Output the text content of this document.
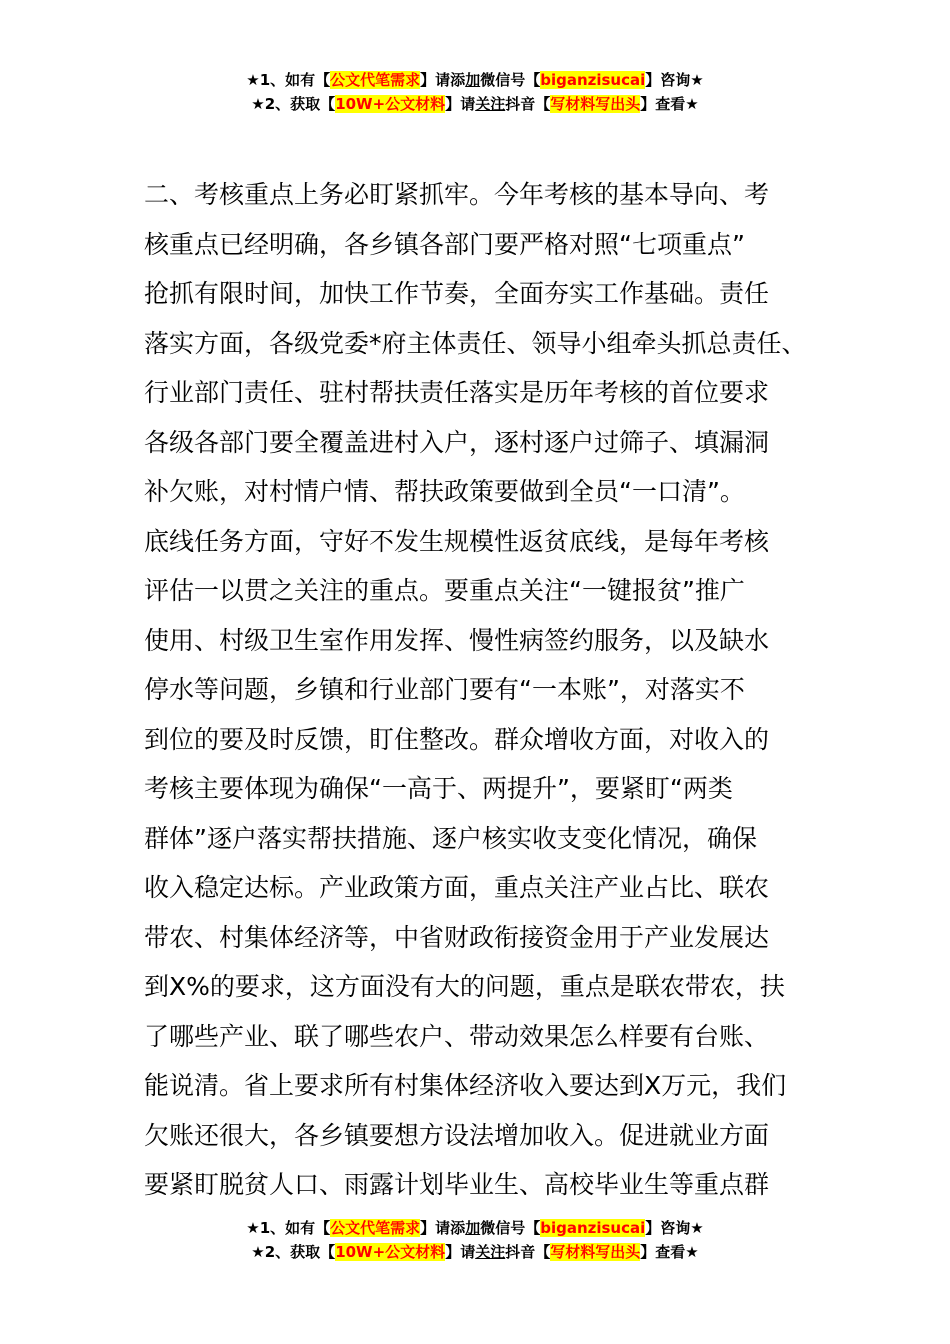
★1、如有【公文代笔需求】请添加微信号【biganzisucai】咨询★
★2、获取【10W+公文材料】请关注抖音【写材料写出头】查看★
二、考核重点上务必盯紧抓牢。今年考核的基本导向、考
核重点已经明确，各乡镇各部门要严格对照“七项重点”
抢抓有限时间，加快工作节奏，全面夯实工作基础。责任
落实方面，各级党委*府主体责任、领导小组牵头抓总责任、
行业部门责任、驻村帮扶责任落实是历年考核的首位要求
各级各部门要全覆盖进村入户，逐村逐户过筛子、填漏洞
补欠账，对村情户情、帮扶政策要做到全员“一口清”。
底线任务方面，守好不发生规模性返贫底线，是每年考核
评估一以贯之关注的重点。要重点关注“一键报贫”推广
使用、村级卫生室作用发挥、慢性病签约服务，以及缺水
停水等问题，乡镇和行业部门要有“一本账”，对落实不
到位的要及时反馈，盯住整改。群众增收方面，对收入的
考核主要体现为确保“一高于、两提升”，要紧盯“两类
群体”逐户落实帮扶措施、逐户核实收支变化情况，确保
收入稳定达标。产业政策方面，重点关注产业占比、联农
带农、村集体经济等，中省财政衔接资金用于产业发展达
到X%的要求，这方面没有大的问题，重点是联农带农，扶
了哪些产业、联了哪些农户、带动效果怎么样要有台账、
能说清。省上要求所有村集体经济收入要达到X万元，我们
欠账还很大，各乡镇要想方设法增加收入。促进就业方面
要紧盯脱贫人口、雨露计划毕业生、高校毕业生等重点群
★1、如有【公文代笔需求】请添加微信号【biganzisucai】咨询★
★2、获取【10W+公文材料】请关注抖音【写材料写出头】查看★
